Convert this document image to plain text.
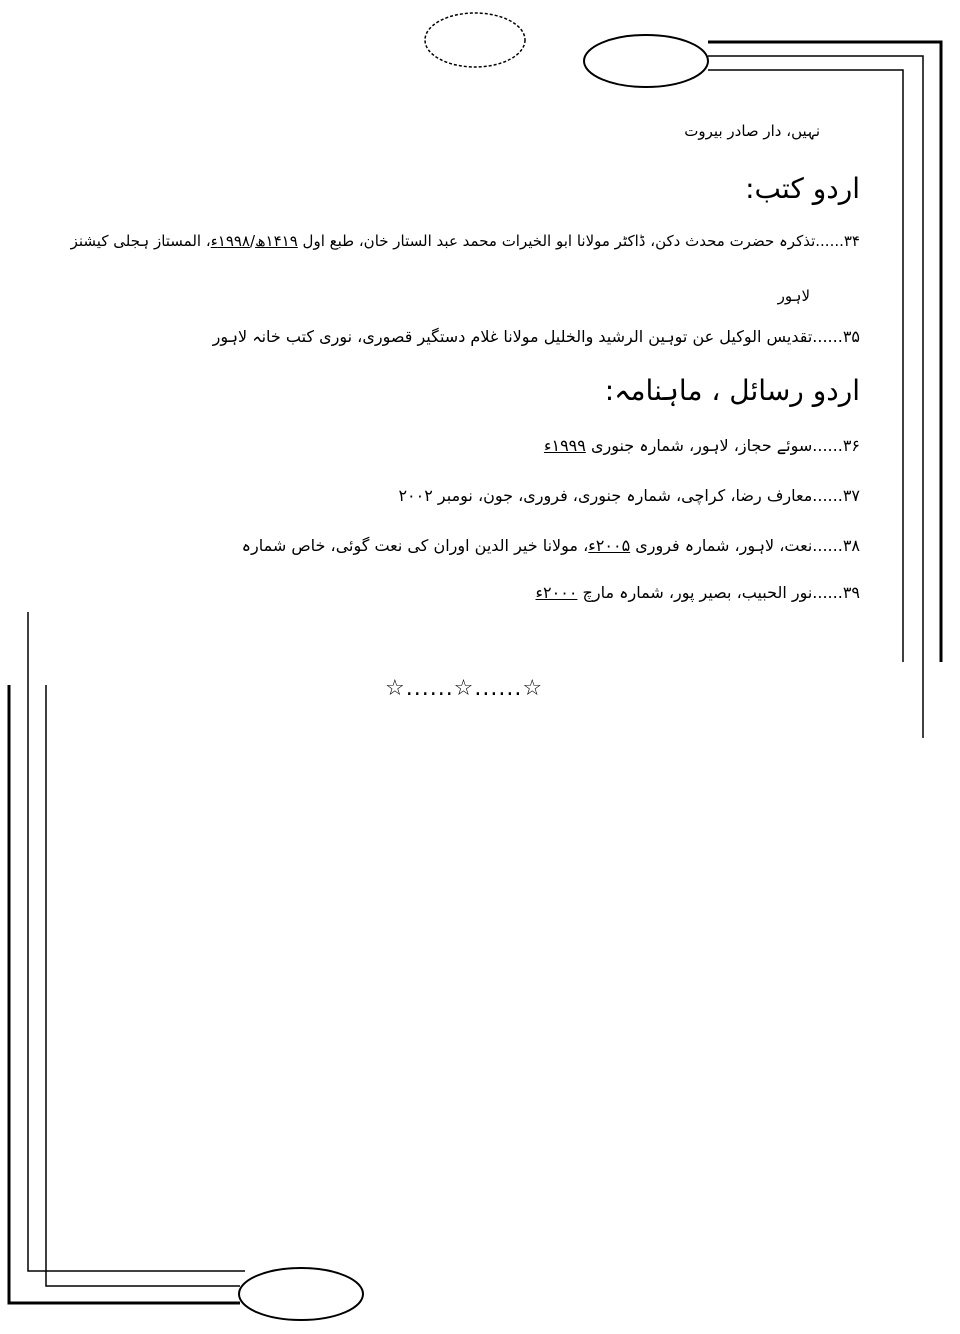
نہیں، دار صادر بیروت
اردو کتب:
۳۴......تذکرہ حضرت محدث دکن، ڈاکٹر مولانا ابو الخیرات محمد عبد الستار خان، طبع اول ۱۴۱۹ھ/۱۹۹۸ء، المستاز ہجلی کیشنز
لاہور
۳۵......تقدیس الوکیل عن توہین الرشید والخلیل مولانا غلام دستگیر قصوری، نوری کتب خانہ لاہور
اردو رسائل ، ماہنامہ:
۳۶......سوئے حجاز، لاہور، شمارہ جنوری ۱۹۹۹ء
۳۷......معارف رضا، کراچی، شمارہ جنوری، فروری، جون، نومبر ۲۰۰۲
۳۸......نعت، لاہور، شمارہ فروری ۲۰۰۵ء، مولانا خیر الدین اوران کی نعت گوئی، خاص شمارہ
۳۹......نور الحبیب، بصیر پور، شمارہ مارچ ۲۰۰۰ء
☆......☆......☆
